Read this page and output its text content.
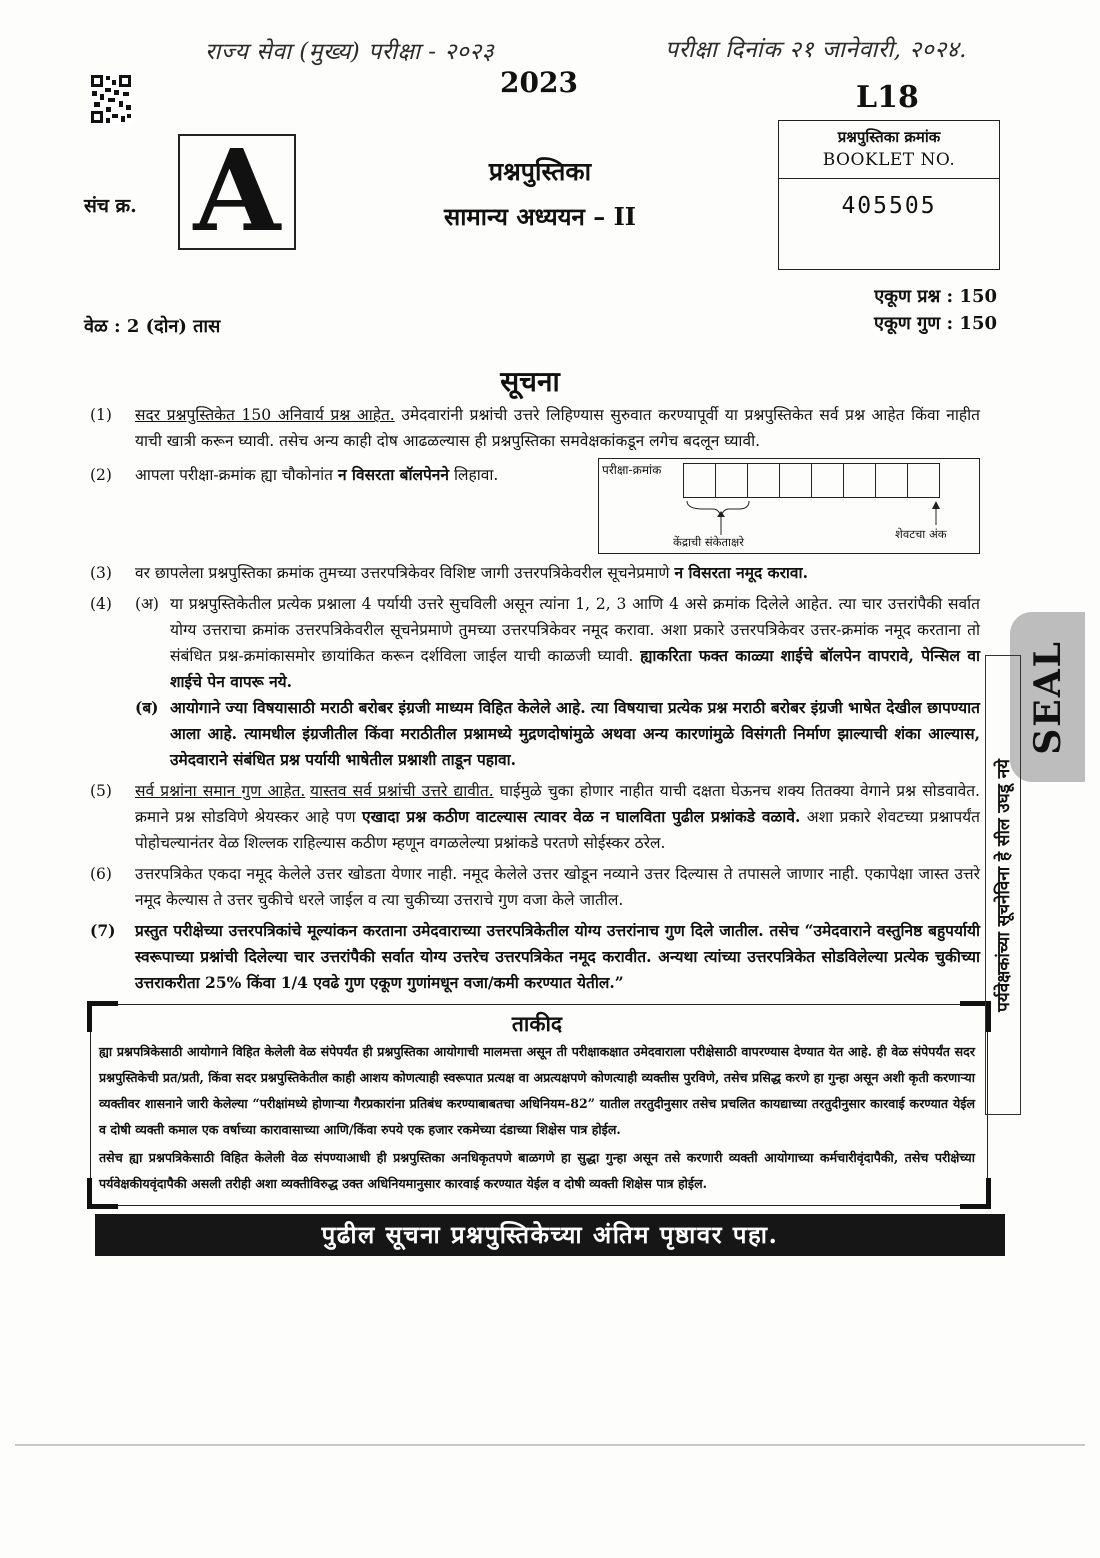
राज्य सेवा (मुख्य) परीक्षा - २०२३	परीक्षा दिनांक २१ जानेवारी, २०२४.
2023	L18
प्रश्नपुस्तिका क्रमांक
BOOKLET NO.
405505
संच क्र. A	प्रश्नपुस्तिका
सामान्य अध्ययन – II
एकूण प्रश्न : 150
एकूण गुण : 150
वेळ : 2 (दोन) तास
सूचना
परीक्षा-क्रमांक
केंद्राची संकेताक्षरे
शेवटचा अंक
(1) सदर प्रश्नपुस्तिकेत 150 अनिवार्य प्रश्न आहेत. उमेदवारांनी प्रश्नांची उत्तरे लिहिण्यास सुरुवात करण्यापूर्वी या प्रश्नपुस्तिकेत सर्व प्रश्न आहेत किंवा नाहीत याची खात्री करून घ्यावी. तसेच अन्य काही दोष आढळल्यास ही प्रश्नपुस्तिका समवेक्षकांकडून लगेच बदलून घ्यावी.
(2) आपला परीक्षा-क्रमांक ह्या चौकोनांत न विसरता बॉलपेनने लिहावा.
(3) वर छापलेला प्रश्नपुस्तिका क्रमांक तुमच्या उत्तरपत्रिकेवर विशिष्ट जागी उत्तरपत्रिकेवरील सूचनेप्रमाणे न विसरता नमूद करावा.
(4) (अ) या प्रश्नपुस्तिकेतील प्रत्येक प्रश्नाला 4 पर्यायी उत्तरे सुचविली असून त्यांना 1, 2, 3 आणि 4 असे क्रमांक दिलेले आहेत. त्या चार उत्तरांपैकी सर्वात योग्य उत्तराचा क्रमांक उत्तरपत्रिकेवरील सूचनेप्रमाणे तुमच्या उत्तरपत्रिकेवर नमूद करावा. अशा प्रकारे उत्तरपत्रिकेवर उत्तर-क्रमांक नमूद करताना तो संबंधित प्रश्न-क्रमांकासमोर छायांकित करून दर्शविला जाईल याची काळजी घ्यावी. ह्याकरिता फक्त काळ्या शाईचे बॉलपेन वापरावे, पेन्सिल वा शाईचे पेन वापरू नये.
(ब) आयोगाने ज्या विषयासाठी मराठी बरोबर इंग्रजी माध्यम विहित केलेले आहे. त्या विषयाचा प्रत्येक प्रश्न मराठी बरोबर इंग्रजी भाषेत देखील छापण्यात आला आहे. त्यामधील इंग्रजीतील किंवा मराठीतील प्रश्नामध्ये मुद्रणदोषांमुळे अथवा अन्य कारणांमुळे विसंगती निर्माण झाल्याची शंका आल्यास, उमेदवाराने संबंधित प्रश्न पर्यायी भाषेतील प्रश्नाशी ताडून पहावा.
(5) सर्व प्रश्नांना समान गुण आहेत. यास्तव सर्व प्रश्नांची उत्तरे द्यावीत. घाईमुळे चुका होणार नाहीत याची दक्षता घेऊनच शक्य तितक्या वेगाने प्रश्न सोडवावेत. क्रमाने प्रश्न सोडविणे श्रेयस्कर आहे पण एखादा प्रश्न कठीण वाटल्यास त्यावर वेळ न घालविता पुढील प्रश्नांकडे वळावे. अशा प्रकारे शेवटच्या प्रश्नापर्यंत पोहोचल्यानंतर वेळ शिल्लक राहिल्यास कठीण म्हणून वगळलेल्या प्रश्नांकडे परतणे सोईस्कर ठरेल.
(6) उत्तरपत्रिकेत एकदा नमूद केलेले उत्तर खोडता येणार नाही. नमूद केलेले उत्तर खोडून नव्याने उत्तर दिल्यास ते तपासले जाणार नाही. एकापेक्षा जास्त उत्तरे नमूद केल्यास ते उत्तर चुकीचे धरले जाईल व त्या चुकीच्या उत्तराचे गुण वजा केले जातील.
(7) प्रस्तुत परीक्षेच्या उत्तरपत्रिकांचे मूल्यांकन करताना उमेदवाराच्या उत्तरपत्रिकेतील योग्य उत्तरांनाच गुण दिले जातील. तसेच “उमेदवाराने वस्तुनिष्ठ बहुपर्यायी स्वरूपाच्या प्रश्नांची दिलेल्या चार उत्तरांपैकी सर्वात योग्य उत्तरेच उत्तरपत्रिकेत नमूद करावीत. अन्यथा त्यांच्या उत्तरपत्रिकेत सोडविलेल्या प्रत्येक चुकीच्या उत्तराकरीता 25% किंवा 1/4 एवढे गुण एकूण गुणांमधून वजा/कमी करण्यात येतील.”
ताकीद

ह्या प्रश्नपत्रिकेसाठी आयोगाने विहित केलेली वेळ संपेपर्यंत ही प्रश्नपुस्तिका आयोगाची मालमत्ता असून ती परीक्षाकक्षात उमेदवाराला परीक्षेसाठी वापरण्यास देण्यात येत आहे. ही वेळ संपेपर्यंत सदर प्रश्नपुस्तिकेची प्रत/प्रती, किंवा सदर प्रश्नपुस्तिकेतील काही आशय कोणत्याही स्वरूपात प्रत्यक्ष वा अप्रत्यक्षपणे कोणत्याही व्यक्तीस पुरविणे, तसेच प्रसिद्ध करणे हा गुन्हा असून अशी कृती करणाऱ्या व्यक्तीवर शासनाने जारी केलेल्या “परीक्षांमध्ये होणाऱ्या गैरप्रकारांना प्रतिबंध करण्याबाबतचा अधिनियम-82” यातील तरतुदीनुसार तसेच प्रचलित कायद्याच्या तरतुदीनुसार कारवाई करण्यात येईल व दोषी व्यक्ती कमाल एक वर्षाच्या कारावासाच्या आणि/किंवा रुपये एक हजार रकमेच्या दंडाच्या शिक्षेस पात्र होईल.

तसेच ह्या प्रश्नपत्रिकेसाठी विहित केलेली वेळ संपण्याआधी ही प्रश्नपुस्तिका अनधिकृतपणे बाळगणे हा सुद्धा गुन्हा असून तसे करणारी व्यक्ती आयोगाच्या कर्मचारीवृंदापैकी, तसेच परीक्षेच्या पर्यवेक्षकीयवृंदापैकी असली तरीही अशा व्यक्तीविरुद्ध उक्त अधिनियमानुसार कारवाई करण्यात येईल व दोषी व्यक्ती शिक्षेस पात्र होईल.

पुढील सूचना प्रश्नपुस्तिकेच्या अंतिम पृष्ठावर पहा.
SEAL
पर्यवेक्षकांच्या सूचनेविना हे सील उघडू नये
